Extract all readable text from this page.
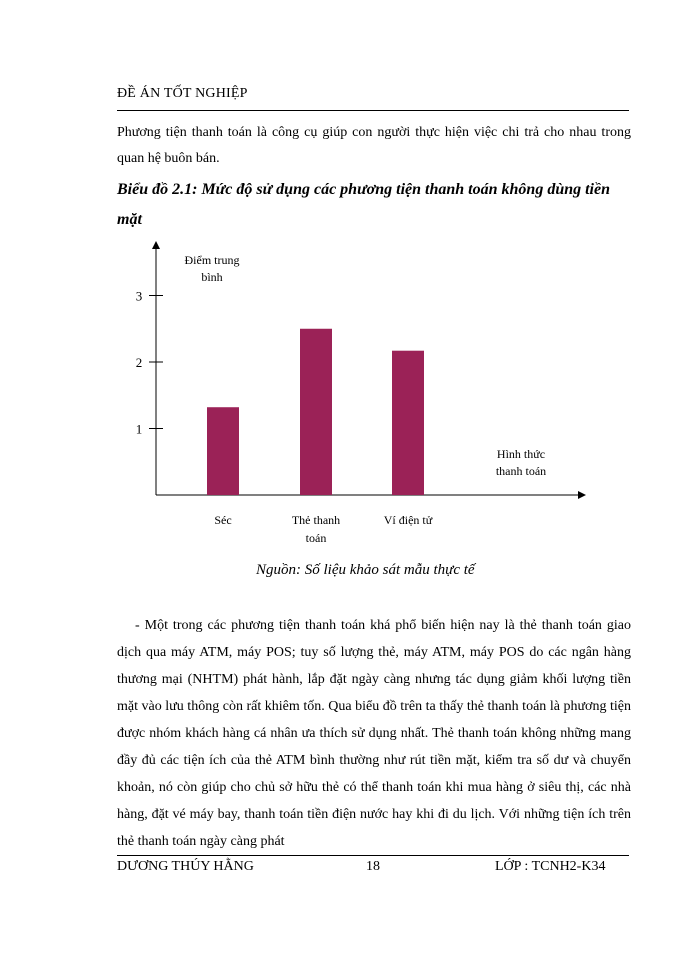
ĐỀ ÁN TỐT NGHIỆP
Phương tiện thanh toán là công cụ giúp con người thực hiện việc chi trả cho nhau trong quan hệ buôn bán.
Biểu đồ 2.1: Mức độ sử dụng các phương tiện thanh toán không dùng tiền mặt
1
2
3
Séc	Thẻ thanh
toán
Ví điện tử
Điểm trung
bình
Hình thức
thanh toán
Nguồn: Số liệu khảo sát mẫu thực tế
- Một trong các phương tiện thanh toán khá phổ biến hiện nay là thẻ thanh toán giao dịch qua máy ATM, máy POS; tuy số lượng thẻ, máy ATM, máy POS do các ngân hàng thương mại (NHTM) phát hành, lắp đặt ngày càng nhưng tác dụng giảm khối lượng tiền mặt vào lưu thông còn rất khiêm tốn. Qua biểu đồ trên ta thấy thẻ thanh toán là phương tiện được nhóm khách hàng cá nhân ưa thích sử dụng nhất. Thẻ thanh toán không những mang đầy đủ các tiện ích của thẻ ATM bình thường như rút tiền mặt, kiểm tra số dư và chuyển khoản, nó còn giúp cho chủ sở hữu thẻ có thể thanh toán khi mua hàng ở siêu thị, các nhà hàng, đặt vé máy bay, thanh toán tiền điện nước hay khi đi du lịch. Với những tiện ích trên thẻ thanh toán ngày càng phát
DƯƠNG THÚY HẰNG	18	LỚP : TCNH2-K34
